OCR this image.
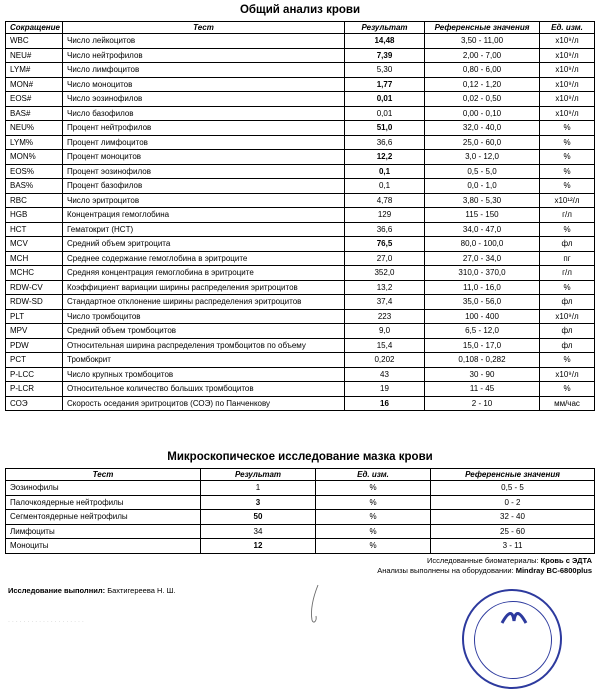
Общий анализ крови
Сокращение	Тест	Результат	Референсные значения	Ед. изм.
WBC	Число лейкоцитов	14,48	3,50 - 11,00	x10⁹/л
NEU#	Число нейтрофилов	7,39	2,00 - 7,00	x10⁹/л
LYM#	Число лимфоцитов	5,30	0,80 - 6,00	x10⁹/л
MON#	Число моноцитов	1,77	0,12 - 1,20	x10⁹/л
EOS#	Число эозинофилов	0,01	0,02 - 0,50	x10⁹/л
BAS#	Число базофилов	0,01	0,00 - 0,10	x10⁹/л
NEU%	Процент нейтрофилов	51,0	32,0 - 40,0	%
LYM%	Процент лимфоцитов	36,6	25,0 - 60,0	%
MON%	Процент моноцитов	12,2	3,0 - 12,0	%
EOS%	Процент эозинофилов	0,1	0,5 - 5,0	%
BAS%	Процент базофилов	0,1	0,0 - 1,0	%
RBC	Число эритроцитов	4,78	3,80 - 5,30	x10¹²/л
HGB	Концентрация гемоглобина	129	115 - 150	г/л
HCT	Гематокрит (HCT)	36,6	34,0 - 47,0	%
MCV	Средний объем эритроцита	76,5	80,0 - 100,0	фл
MCH	Среднее содержание гемоглобина в эритроците	27,0	27,0 - 34,0	пг
MCHC	Средняя концентрация гемоглобина в эритроците	352,0	310,0 - 370,0	г/л
RDW-CV	Коэффициент вариации ширины распределения эритроцитов	13,2	11,0 - 16,0	%
RDW-SD	Стандартное отклонение ширины распределения эритроцитов	37,4	35,0 - 56,0	фл
PLT	Число тромбоцитов	223	100 - 400	x10⁹/л
MPV	Средний объем тромбоцитов	9,0	6,5 - 12,0	фл
PDW	Относительная ширина распределения тромбоцитов по объему	15,4	15,0 - 17,0	фл
PCT	Тромбокрит	0,202	0,108 - 0,282	%
P-LCC	Число крупных тромбоцитов	43	30 - 90	x10⁹/л
P-LCR	Относительное количество больших тромбоцитов	19	11 - 45	%
СОЭ	Скорость оседания эритроцитов (СОЭ) по Панченкову	16	2 - 10	мм/час
Микроскопическое исследование мазка крови
Тест	Результат	Ед. изм.	Референсные значения
Эозинофилы	1	%	0,5 - 5
Палочкоядерные нейтрофилы	3	%	0 - 2
Сегментоядерные нейтрофилы	50	%	32 - 40
Лимфоциты	34	%	25 - 60
Моноциты	12	%	3 - 11
Исследованные биоматериалы: Кровь с ЭДТА
Анализы выполнены на оборудовании: Mindray BC-6800plus
Исследование выполнил: Бахтигереева Н. Ш.
. . . . . . . . . . . . . . . . . . . .
